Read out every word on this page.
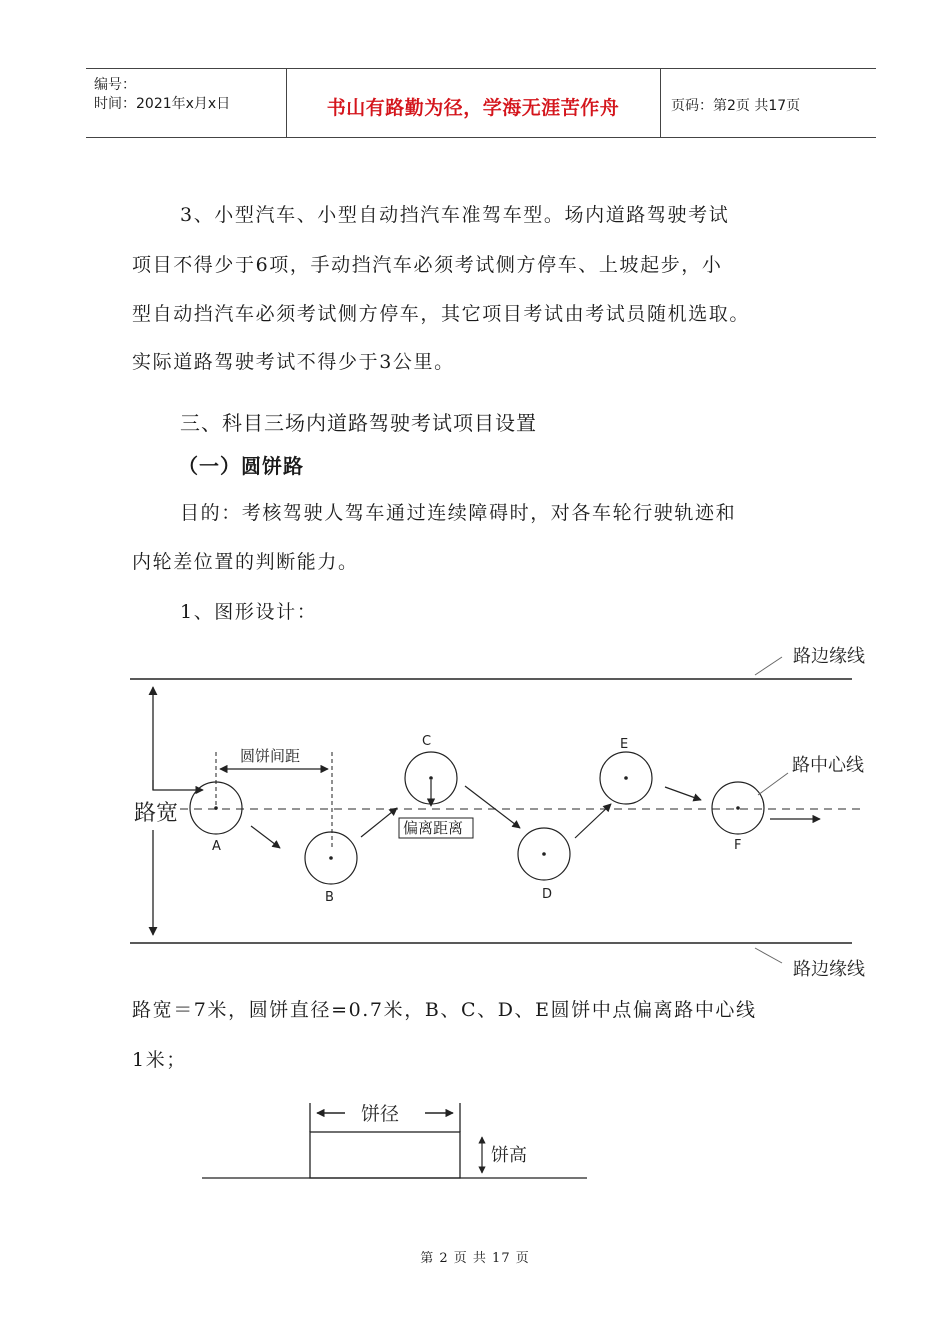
编号：
时间：2021年x月x日	书山有路勤为径，学海无涯苦作舟	页码：第2页 共17页
3、小型汽车、小型自动挡汽车准驾车型。场内道路驾驶考试
项目不得少于6项，手动挡汽车必须考试侧方停车、上坡起步，小
型自动挡汽车必须考试侧方停车，其它项目考试由考试员随机选取。
实际道路驾驶考试不得少于3公里。
三、科目三场内道路驾驶考试项目设置
（一）圆饼路
目的：考核驾驶人驾车通过连续障碍时，对各车轮行驶轨迹和
内轮差位置的判断能力。
1、图形设计：
路边缘线
路边缘线
路宽
圆饼间距
A
B
C
D
E
F
偏离距离
路中心线
路宽＝7米，圆饼直径=0.7米，B、C、D、E圆饼中点偏离路中心线
1米；
饼径
饼高
第 2 页 共 17 页
